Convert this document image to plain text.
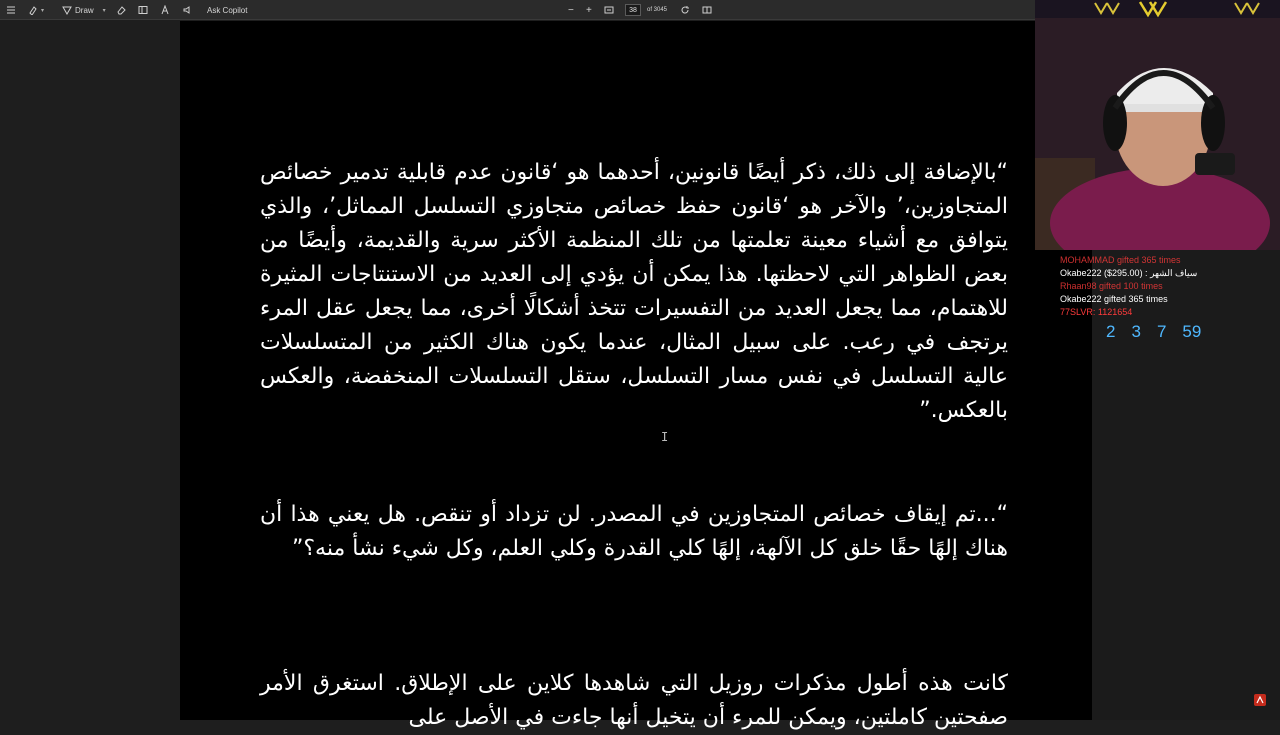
▾	Draw ▾	Ask Copilot	− +	38	of 3045

“بالإضافة إلى ذلك، ذكر أيضًا قانونين، أحدهما هو ‘قانون عدم قابلية تدمير خصائص المتجاوزين،’ والآخر هو ‘قانون حفظ خصائص متجاوزي التسلسل المماثل’، والذي يتوافق مع أشياء معينة تعلمتها من تلك المنظمة الأكثر سرية والقديمة، وأيضًا من بعض الظواهر التي لاحظتها. هذا يمكن أن يؤدي إلى العديد من الاستنتاجات المثيرة للاهتمام، مما يجعل العديد من التفسيرات تتخذ أشكالًا أخرى، مما يجعل عقل المرء يرتجف في رعب. على سبيل المثال، عندما يكون هناك الكثير من المتسلسلات عالية التسلسل في نفس مسار التسلسل، ستقل التسلسلات المنخفضة، والعكس بالعكس.”

“...تم إيقاف خصائص المتجاوزين في المصدر. لن تزداد أو تنقص. هل يعني هذا أن هناك إلهًا حقًا خلق كل الآلهة، إلهًا كلي القدرة وكلي العلم، وكل شيء نشأ منه؟”

كانت هذه أطول مذكرات روزيل التي شاهدها كلاين على الإطلاق. استغرق الأمر صفحتين كاملتين، ويمكن للمرء أن يتخيل أنها جاءت في الأصل على

I
MOHAMMAD gifted 365 times
Okabe222 ($295.00) : سياف الشهر
Rhaan98 gifted 100 times
Okabe222 gifted 365 times
77SLVR: 1121654
2 3 7 59
